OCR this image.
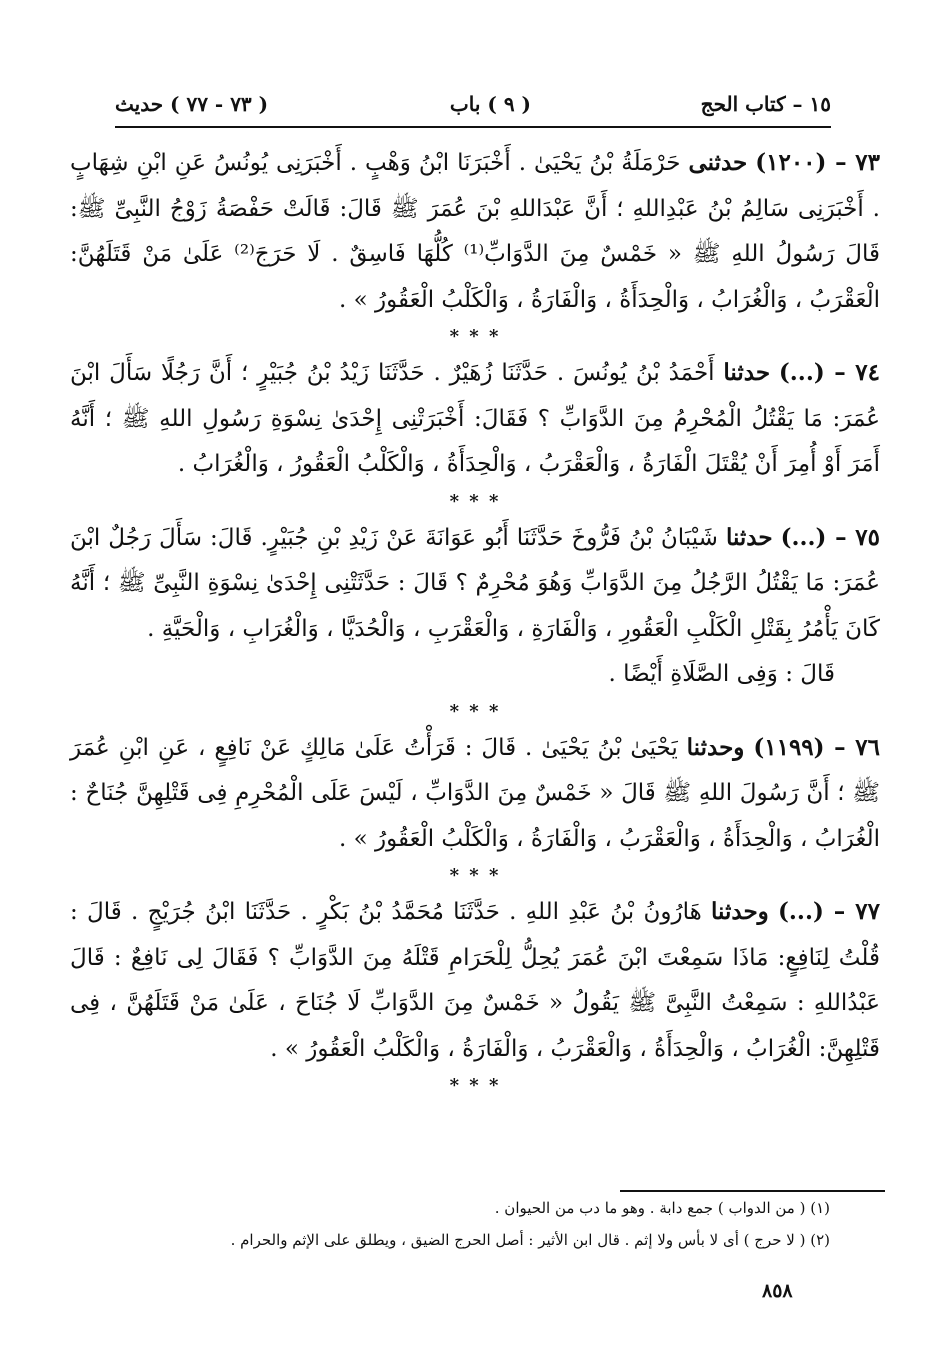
١٥ – كتاب الحج
( ٩ ) باب
( ٧٣ - ٧٧ ) حديث

٧٣ – (١٢٠٠) حدثنى حَرْمَلَةُ بْنُ يَحْيَىٰ . أَخْبَرَنَا ابْنُ وَهْبٍ . أَخْبَرَنِى يُونُسُ عَنِ ابْنِ شِهَابٍ . أَخْبَرَنِى سَالِمُ بْنُ عَبْدِاللهِ ؛ أَنَّ عَبْدَاللهِ بْنَ عُمَرَ ﷺ قَالَ: قَالَتْ حَفْصَةُ زَوْجُ النَّبِىِّ ﷺ: قَالَ رَسُولُ اللهِ ﷺ « خَمْسٌ مِنَ الدَّوَابِّ⁽¹⁾ كُلُّهَا فَاسِقٌ . لَا حَرَجَ⁽²⁾ عَلَىٰ مَنْ قَتَلَهُنَّ: الْعَقْرَبُ ، وَالْغُرَابُ ، وَالْحِدَأَةُ ، وَالْفَارَةُ ، وَالْكَلْبُ الْعَقُورُ » .

* * *

٧٤ – (...) حدثنا أَحْمَدُ بْنُ يُونُسَ . حَدَّثَنَا زُهَيْرٌ . حَدَّثَنَا زَيْدُ بْنُ جُبَيْرٍ ؛ أَنَّ رَجُلًا سَأَلَ ابْنَ عُمَرَ: مَا يَقْتُلُ الْمُحْرِمُ مِنَ الدَّوَابِّ ؟ فَقَالَ: أَخْبَرَتْنِى إِحْدَىٰ نِسْوَةِ رَسُولِ اللهِ ﷺ ؛ أَنَّهُ أَمَرَ أَوْ أُمِرَ أَنْ يُقْتَلَ الْفَارَةُ ، وَالْعَقْرَبُ ، وَالْحِدَأَةُ ، وَالْكَلْبُ الْعَقُورُ ، وَالْغُرَابُ .

* * *

٧٥ – (...) حدثنا شَيْبَانُ بْنُ فَرُّوخَ حَدَّثَنَا أَبُو عَوَانَةَ عَنْ زَيْدِ بْنِ جُبَيْرٍ. قَالَ: سَأَلَ رَجُلٌ ابْنَ عُمَرَ: مَا يَقْتُلُ الرَّجُلُ مِنَ الدَّوَابِّ وَهُوَ مُحْرِمٌ ؟ قَالَ : حَدَّثَتْنِى إِحْدَىٰ نِسْوَةِ النَّبِىِّ ﷺ ؛ أَنَّهُ كَانَ يَأْمُرُ بِقَتْلِ الْكَلْبِ الْعَقُورِ ، وَالْفَارَةِ ، وَالْعَقْرَبِ ، وَالْحُدَيَّا ، وَالْغُرَابِ ، وَالْحَيَّةِ .

قَالَ : وَفِى الصَّلَاةِ أَيْضًا .

* * *

٧٦ – (١١٩٩) وحدثنا يَحْيَىٰ بْنُ يَحْيَىٰ . قَالَ : قَرَأْتُ عَلَىٰ مَالِكٍ عَنْ نَافِعٍ ، عَنِ ابْنِ عُمَرَ ﷺ ؛ أَنَّ رَسُولَ اللهِ ﷺ قَالَ « خَمْسٌ مِنَ الدَّوَابِّ ، لَيْسَ عَلَى الْمُحْرِمِ فِى قَتْلِهِنَّ جُنَاحٌ : الْغُرَابُ ، وَالْحِدَأَةُ ، وَالْعَقْرَبُ ، وَالْفَارَةُ ، وَالْكَلْبُ الْعَقُورُ » .

* * *

٧٧ – (...) وحدثنا هَارُونُ بْنُ عَبْدِ اللهِ . حَدَّثَنَا مُحَمَّدُ بْنُ بَكْرٍ . حَدَّثَنَا ابْنُ جُرَيْجٍ . قَالَ : قُلْتُ لِنَافِعٍ: مَاذَا سَمِعْتَ ابْنَ عُمَرَ يُحِلُّ لِلْحَرَامِ قَتْلَهُ مِنَ الدَّوَابِّ ؟ فَقَالَ لِى نَافِعٌ : قَالَ عَبْدُاللهِ : سَمِعْتُ النَّبِىَّ ﷺ يَقُولُ « خَمْسٌ مِنَ الدَّوَابِّ لَا جُنَاحَ ، عَلَىٰ مَنْ قَتَلَهُنَّ ، فِى قَتْلِهِنَّ: الْغُرَابُ ، وَالْحِدَأَةُ ، وَالْعَقْرَبُ ، وَالْفَارَةُ ، وَالْكَلْبُ الْعَقُورُ » .

* * *
(١) ( من الدواب ) جمع دابة . وهو ما دب من الحيوان .
(٢) ( لا حرج ) أى لا بأس ولا إثم . قال ابن الأثير : أصل الحرج الضيق ، ويطلق على الإثم والحرام .
٨٥٨
